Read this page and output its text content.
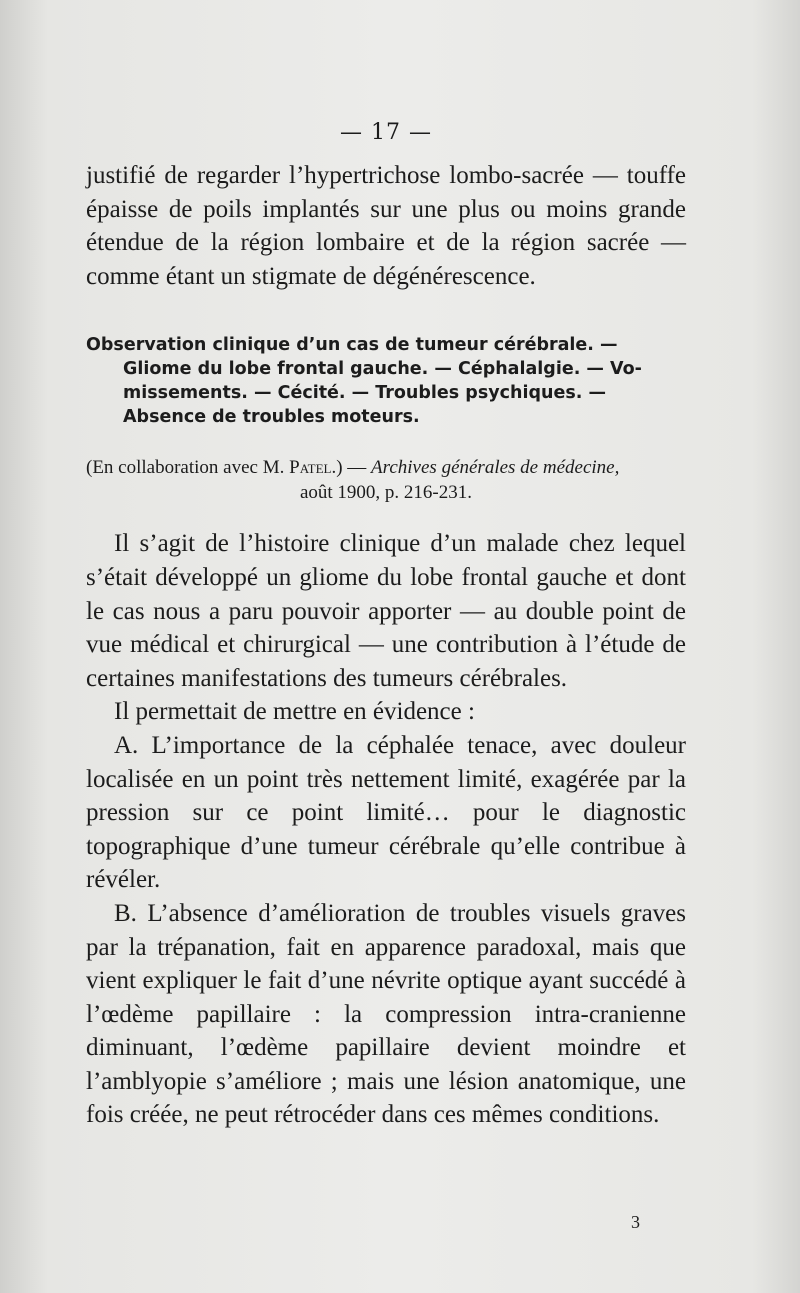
— 17 —

justifié de regarder l’hypertrichose lombo-sacrée — touffe épaisse de poils implantés sur une plus ou moins grande étendue de la région lombaire et de la région sacrée — comme étant un stigmate de dégénérescence.

Observation clinique d’un cas de tumeur cérébrale. —
Gliome du lobe frontal gauche. — Céphalalgie. — Vo-
missements. — Cécité. — Troubles psychiques. —
Absence de troubles moteurs.
(En collaboration avec M. Patel.) — Archives générales de médecine,
août 1900, p. 216-231.

Il s’agit de l’histoire clinique d’un malade chez lequel s’était développé un gliome du lobe frontal gauche et dont le cas nous a paru pouvoir apporter — au double point de vue médical et chirurgical — une contribution à l’étude de certaines manifestations des tumeurs cérébrales.

Il permettait de mettre en évidence :

A. L’importance de la céphalée tenace, avec douleur localisée en un point très nettement limité, exagérée par la pression sur ce point limité… pour le diagnostic topographique d’une tumeur cérébrale qu’elle contribue à révéler.

B. L’absence d’amélioration de troubles visuels graves par la trépanation, fait en apparence paradoxal, mais que vient expliquer le fait d’une névrite optique ayant succédé à l’œdème papillaire : la compression intra-cranienne diminuant, l’œdème papillaire devient moindre et l’amblyopie s’améliore ; mais une lésion anatomique, une fois créée, ne peut rétrocéder dans ces mêmes conditions.

3
